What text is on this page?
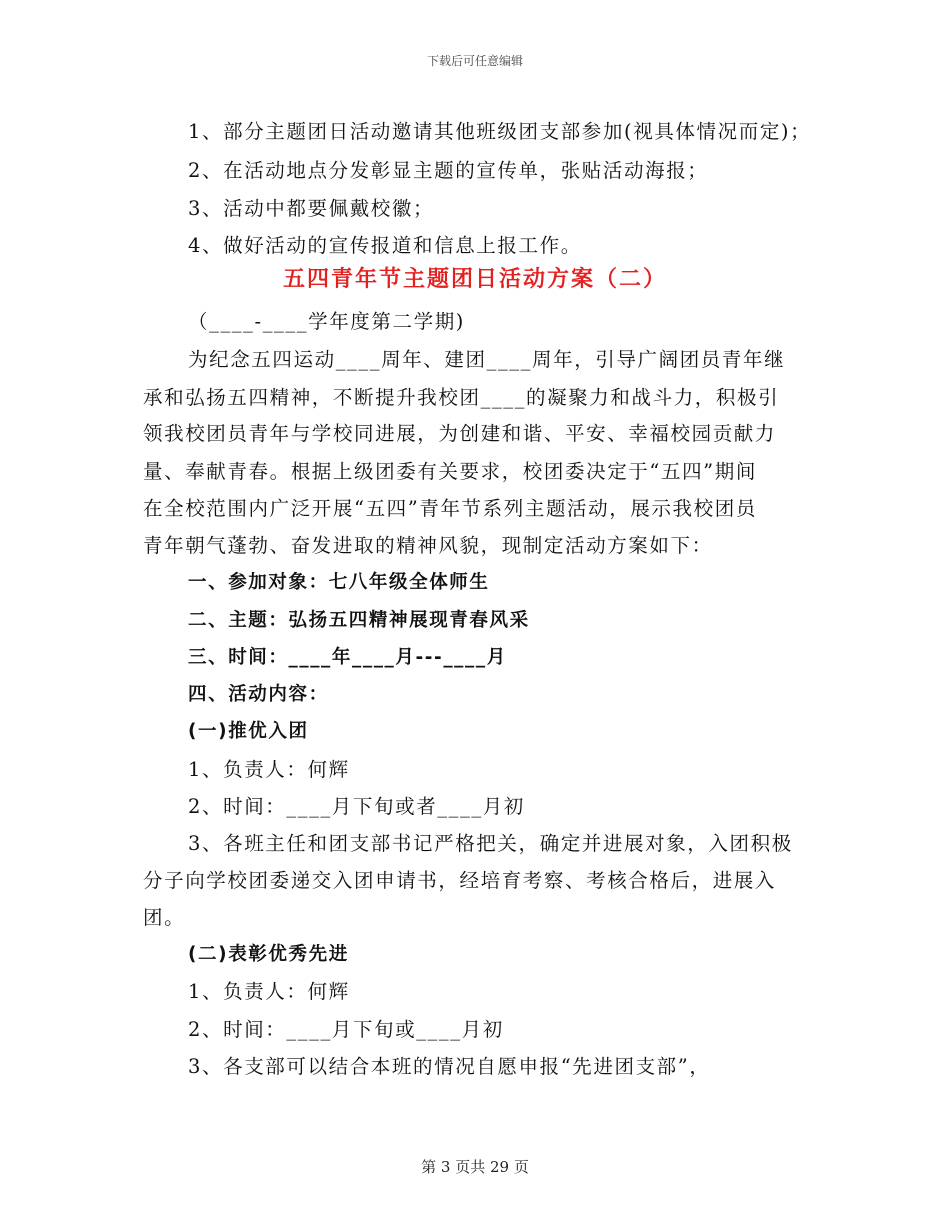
下载后可任意编辑
1、部分主题团日活动邀请其他班级团支部参加(视具体情况而定)；
2、在活动地点分发彰显主题的宣传单，张贴活动海报；
3、活动中都要佩戴校徽；
4、做好活动的宣传报道和信息上报工作。
五四青年节主题团日活动方案（二）
（____-____学年度第二学期)
为纪念五四运动____周年、建团____周年，引导广阔团员青年继
承和弘扬五四精神，不断提升我校团____的凝聚力和战斗力，积极引
领我校团员青年与学校同进展，为创建和谐、平安、幸福校园贡献力
量、奉献青春。根据上级团委有关要求，校团委决定于“五四”期间
在全校范围内广泛开展“五四”青年节系列主题活动，展示我校团员
青年朝气蓬勃、奋发进取的精神风貌，现制定活动方案如下：
一、参加对象：七八年级全体师生
二、主题：弘扬五四精神展现青春风采
三、时间：____年____月---____月
四、活动内容：
(一)推优入团
1、负责人：何辉
2、时间：____月下旬或者____月初
3、各班主任和团支部书记严格把关，确定并进展对象，入团积极
分子向学校团委递交入团申请书，经培育考察、考核合格后，进展入
团。
(二)表彰优秀先进
1、负责人：何辉
2、时间：____月下旬或____月初
3、各支部可以结合本班的情况自愿申报“先进团支部”，
第 3 页共 29 页
